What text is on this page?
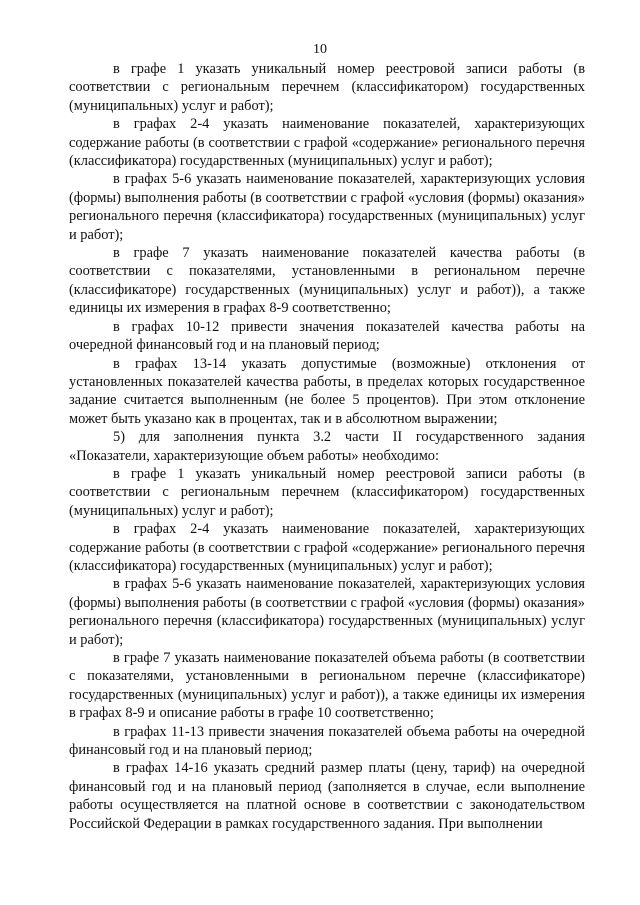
10

в графе 1 указать уникальный номер реестровой записи работы (в соответствии с региональным перечнем (классификатором) государственных (муниципальных) услуг и работ);

в графах 2-4 указать наименование показателей, характеризующих содержание работы (в соответствии с графой «содержание» регионального перечня (классификатора) государственных (муниципальных) услуг и работ);

в графах 5-6 указать наименование показателей, характеризующих условия (формы) выполнения работы (в соответствии с графой «условия (формы) оказания» регионального перечня (классификатора) государственных (муниципальных) услуг и работ);

в графе 7 указать наименование показателей качества работы (в соответствии с показателями, установленными в региональном перечне (классификаторе) государственных (муниципальных) услуг и работ)), а также единицы их измерения в графах 8-9 соответственно;

в графах 10-12 привести значения показателей качества работы на очередной финансовый год и на плановый период;

в графах 13-14 указать допустимые (возможные) отклонения от установленных показателей качества работы, в пределах которых государственное задание считается выполненным (не более 5 процентов). При этом отклонение может быть указано как в процентах, так и в абсолютном выражении;

5) для заполнения пункта 3.2 части II государственного задания «Показатели, характеризующие объем работы» необходимо:

в графе 1 указать уникальный номер реестровой записи работы (в соответствии с региональным перечнем (классификатором) государственных (муниципальных) услуг и работ);

в графах 2-4 указать наименование показателей, характеризующих содержание работы (в соответствии с графой «содержание» регионального перечня (классификатора) государственных (муниципальных) услуг и работ);

в графах 5-6 указать наименование показателей, характеризующих условия (формы) выполнения работы (в соответствии с графой «условия (формы) оказания» регионального перечня (классификатора) государственных (муниципальных) услуг и работ);

в графе 7 указать наименование показателей объема работы (в соответствии с показателями, установленными в региональном перечне (классификаторе) государственных (муниципальных) услуг и работ)), а также единицы их измерения в графах 8-9 и описание работы в графе 10 соответственно;

в графах 11-13 привести значения показателей объема работы на очередной финансовый год и на плановый период;

в графах 14-16 указать средний размер платы (цену, тариф) на очередной финансовый год и на плановый период (заполняется в случае, если выполнение работы осуществляется на платной основе в соответствии с законодательством Российской Федерации в рамках государственного задания. При выполнении
